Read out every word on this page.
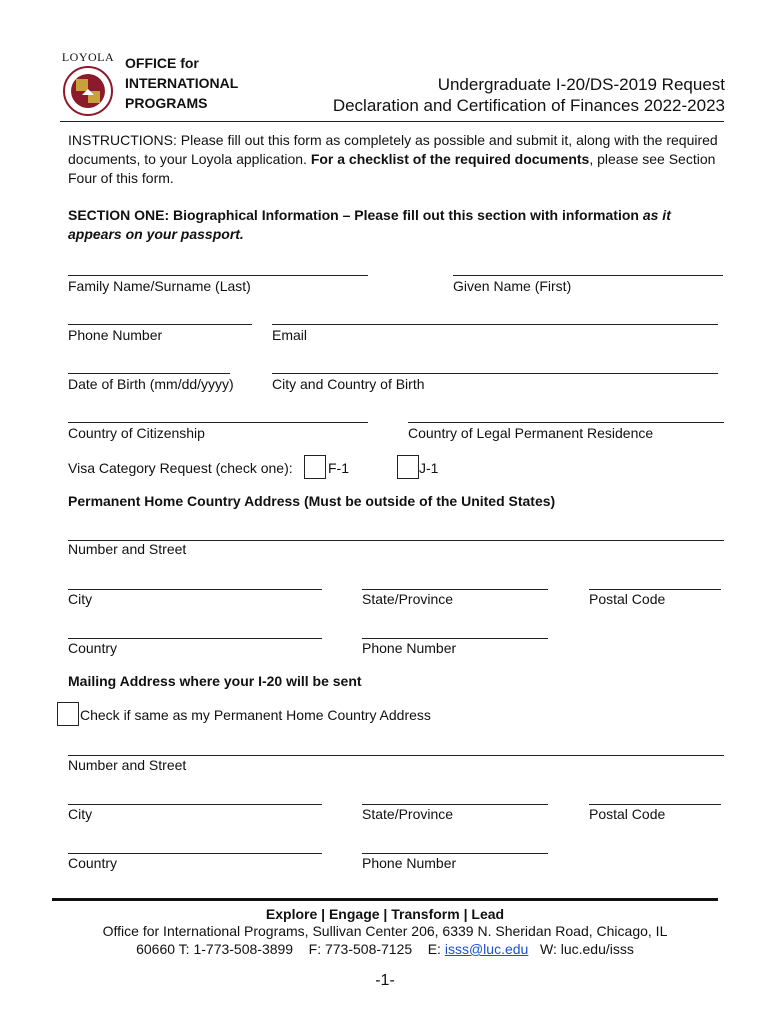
LOYOLA OFFICE for
INTERNATIONAL
PROGRAMS
Undergraduate I-20/DS-2019 Request
Declaration and Certification of Finances 2022-2023
INSTRUCTIONS: Please fill out this form as completely as possible and submit it, along with the required documents, to your Loyola application. For a checklist of the required documents, please see Section Four of this form.
SECTION ONE: Biographical Information – Please fill out this section with information as it appears on your passport.
Family Name/Surname (Last)	Given Name (First)
Phone Number	Email
Date of Birth (mm/dd/yyyy)	City and Country of Birth
Country of Citizenship	Country of Legal Permanent Residence
Visa Category Request (check one):	F-1	J-1
Permanent Home Country Address (Must be outside of the United States)
Number and Street
City	State/Province	Postal Code
Country	Phone Number
Mailing Address where your I-20 will be sent
Check if same as my Permanent Home Country Address
Number and Street
City	State/Province	Postal Code
Country	Phone Number
Explore | Engage | Transform | Lead
Office for International Programs, Sullivan Center 206, 6339 N. Sheridan Road, Chicago, IL
60660 T: 1-773-508-3899    F: 773-508-7125    E: isss@luc.edu   W: luc.edu/isss
-1-
